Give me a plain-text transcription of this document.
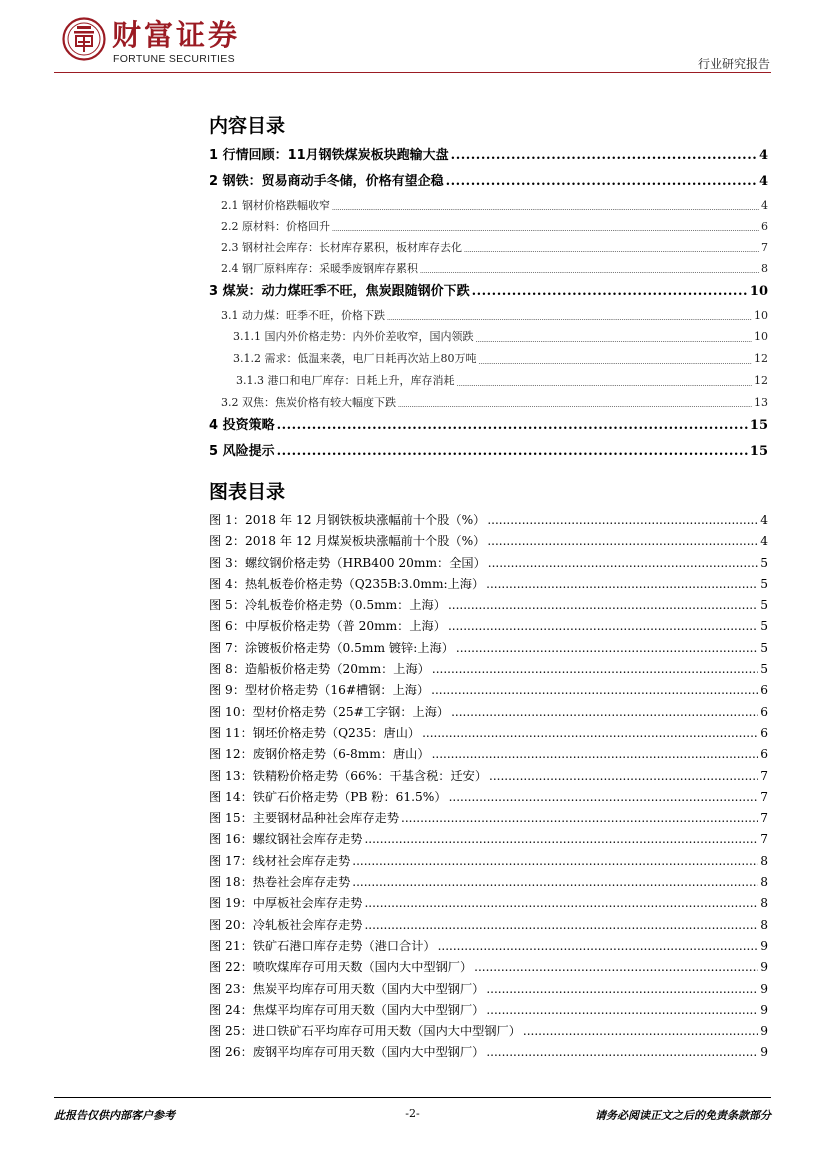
财富证券
FORTUNE SECURITIES	行业研究报告
内容目录
1 行情回顾：11月钢铁煤炭板块跑输大盘 .....	4
2 钢铁：贸易商动手冬储，价格有望企稳 .....	4
2.1 钢材价格跌幅收窄 .....	4
2.2 原材料：价格回升 .....	6
2.3 钢材社会库存：长材库存累积，板材库存去化 .....	7
2.4 钢厂原料库存：采暖季废钢库存累积 .....	8
3 煤炭：动力煤旺季不旺，焦炭跟随钢价下跌 .....	10
3.1 动力煤：旺季不旺，价格下跌 .....	10
3.1.1 国内外价格走势：内外价差收窄，国内领跌 .....	10
3.1.2 需求：低温来袭，电厂日耗再次站上80万吨 .....	12
3.1.3 港口和电厂库存：日耗上升，库存消耗 .....	12
3.2 双焦：焦炭价格有较大幅度下跌 .....	13
4 投资策略 .....	15
5 风险提示 .....	15
图表目录
图 1：2018 年 12 月钢铁板块涨幅前十个股（%） .....	4
图 2：2018 年 12 月煤炭板块涨幅前十个股（%） .....	4
图 3：螺纹钢价格走势（HRB400 20mm：全国） .....	5
图 4：热轧板卷价格走势（Q235B:3.0mm:上海） .....	5
图 5：冷轧板卷价格走势（0.5mm：上海） .....	5
图 6：中厚板价格走势（普 20mm：上海） .....	5
图 7：涂镀板价格走势（0.5mm 镀锌:上海） .....	5
图 8：造船板价格走势（20mm：上海） .....	5
图 9：型材价格走势（16#槽钢：上海） .....	6
图 10：型材价格走势（25#工字钢：上海） .....	6
图 11：钢坯价格走势（Q235：唐山） .....	6
图 12：废钢价格走势（6-8mm：唐山） .....	6
图 13：铁精粉价格走势（66%：干基含税：迁安） .....	7
图 14：铁矿石价格走势（PB 粉：61.5%） .....	7
图 15：主要钢材品种社会库存走势 .....	7
图 16：螺纹钢社会库存走势 .....	7
图 17：线材社会库存走势 .....	8
图 18：热卷社会库存走势 .....	8
图 19：中厚板社会库存走势 .....	8
图 20：冷轧板社会库存走势 .....	8
图 21：铁矿石港口库存走势（港口合计） .....	9
图 22：喷吹煤库存可用天数（国内大中型钢厂） .....	9
图 23：焦炭平均库存可用天数（国内大中型钢厂） .....	9
图 24：焦煤平均库存可用天数（国内大中型钢厂） .....	9
图 25：进口铁矿石平均库存可用天数（国内大中型钢厂） .....	9
图 26：废钢平均库存可用天数（国内大中型钢厂） .....	9
此报告仅供内部客户参考	-2-	请务必阅读正文之后的免责条款部分
